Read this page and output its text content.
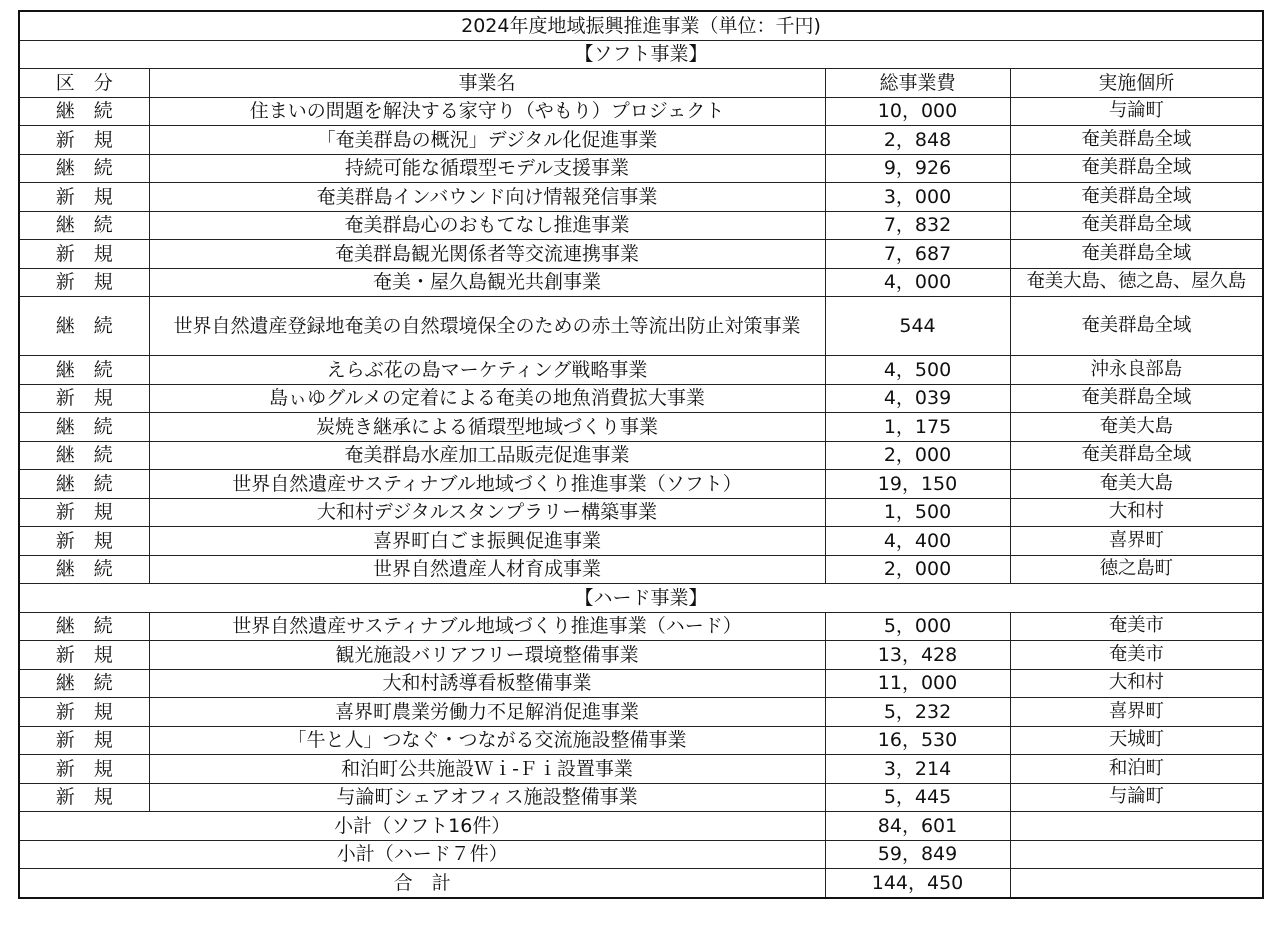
2024年度地域振興推進事業（単位：千円)			
【ソフト事業】			
区　分	事業名	総事業費	実施個所
継　続	住まいの問題を解決する家守り（やもり）プロジェクト	10，000	与論町
新　規	「奄美群島の概況」デジタル化促進事業	2，848	奄美群島全域
継　続	持続可能な循環型モデル支援事業	9，926	奄美群島全域
新　規	奄美群島インバウンド向け情報発信事業	3，000	奄美群島全域
継　続	奄美群島心のおもてなし推進事業	7，832	奄美群島全域
新　規	奄美群島観光関係者等交流連携事業	7，687	奄美群島全域
新　規	奄美・屋久島観光共創事業	4，000	奄美大島、徳之島、屋久島
継　続	世界自然遺産登録地奄美の自然環境保全のための赤土等流出防止対策事業	544	奄美群島全域
継　続	えらぶ花の島マーケティング戦略事業	4，500	沖永良部島
新　規	島ぃゆグルメの定着による奄美の地魚消費拡大事業	4，039	奄美群島全域
継　続	炭焼き継承による循環型地域づくり事業	1，175	奄美大島
継　続	奄美群島水産加工品販売促進事業	2，000	奄美群島全域
継　続	世界自然遺産サスティナブル地域づくり推進事業（ソフト）	19，150	奄美大島
新　規	大和村デジタルスタンプラリー構築事業	1，500	大和村
新　規	喜界町白ごま振興促進事業	4，400	喜界町
継　続	世界自然遺産人材育成事業	2，000	徳之島町
【ハード事業】			
継　続	世界自然遺産サスティナブル地域づくり推進事業（ハード）	5，000	奄美市
新　規	観光施設バリアフリー環境整備事業	13，428	奄美市
継　続	大和村誘導看板整備事業	11，000	大和村
新　規	喜界町農業労働力不足解消促進事業	5，232	喜界町
新　規	「牛と人」つなぐ・つながる交流施設整備事業	16，530	天城町
新　規	和泊町公共施設Ｗｉ-Ｆｉ設置事業	3，214	和泊町
新　規	与論町シェアオフィス施設整備事業	5，445	与論町
小計（ソフト16件）		84，601	
小計（ハード７件）		59，849	
合　計		144，450	
